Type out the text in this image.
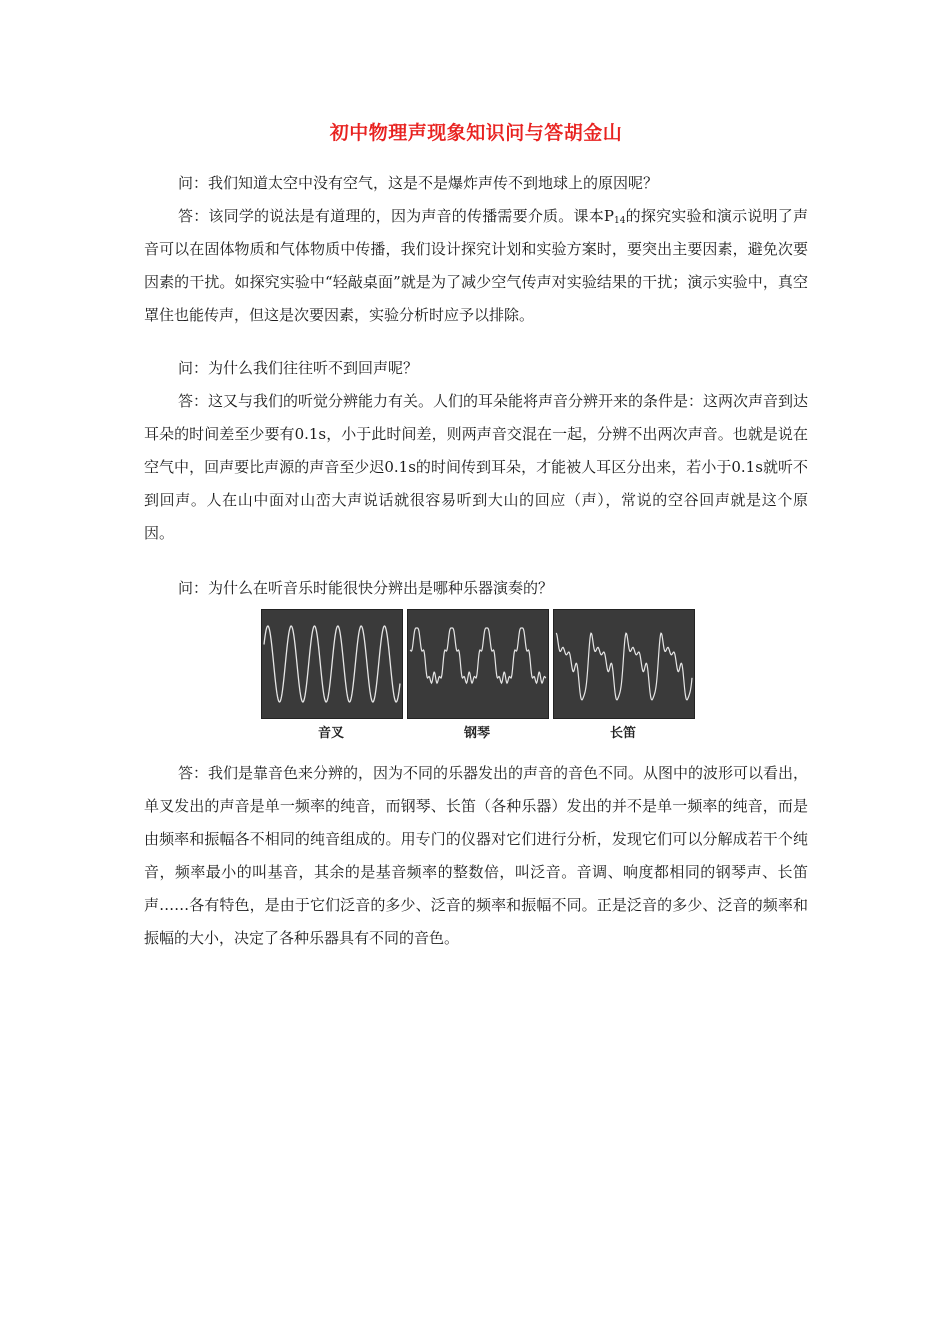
初中物理声现象知识问与答胡金山

问：我们知道太空中没有空气，这是不是爆炸声传不到地球上的原因呢？

答：该同学的说法是有道理的，因为声音的传播需要介质。课本$P_{14}$的探究实验和演示说明了声音可以在固体物质和气体物质中传播，我们设计探究计划和实验方案时，要突出主要因素，避免次要因素的干扰。如探究实验中“轻敲桌面”就是为了减少空气传声对实验结果的干扰；演示实验中，真空罩住也能传声，但这是次要因素，实验分析时应予以排除。

问：为什么我们往往听不到回声呢？

答：这又与我们的听觉分辨能力有关。人们的耳朵能将声音分辨开来的条件是：这两次声音到达耳朵的时间差至少要有0.1s，小于此时间差，则两声音交混在一起，分辨不出两次声音。也就是说在空气中，回声要比声源的声音至少迟0.1s的时间传到耳朵，才能被人耳区分出来，若小于0.1s就听不到回声。人在山中面对山峦大声说话就很容易听到大山的回应（声），常说的空谷回声就是这个原因。

问：为什么在听音乐时能很快分辨出是哪种乐器演奏的？

音叉	钢琴	长笛

答：我们是靠音色来分辨的，因为不同的乐器发出的声音的音色不同。从图中的波形可以看出，单叉发出的声音是单一频率的纯音，而钢琴、长笛（各种乐器）发出的并不是单一频率的纯音，而是由频率和振幅各不相同的纯音组成的。用专门的仪器对它们进行分析，发现它们可以分解成若干个纯音，频率最小的叫基音，其余的是基音频率的整数倍，叫泛音。音调、响度都相同的钢琴声、长笛声……各有特色，是由于它们泛音的多少、泛音的频率和振幅不同。正是泛音的多少、泛音的频率和振幅的大小，决定了各种乐器具有不同的音色。
